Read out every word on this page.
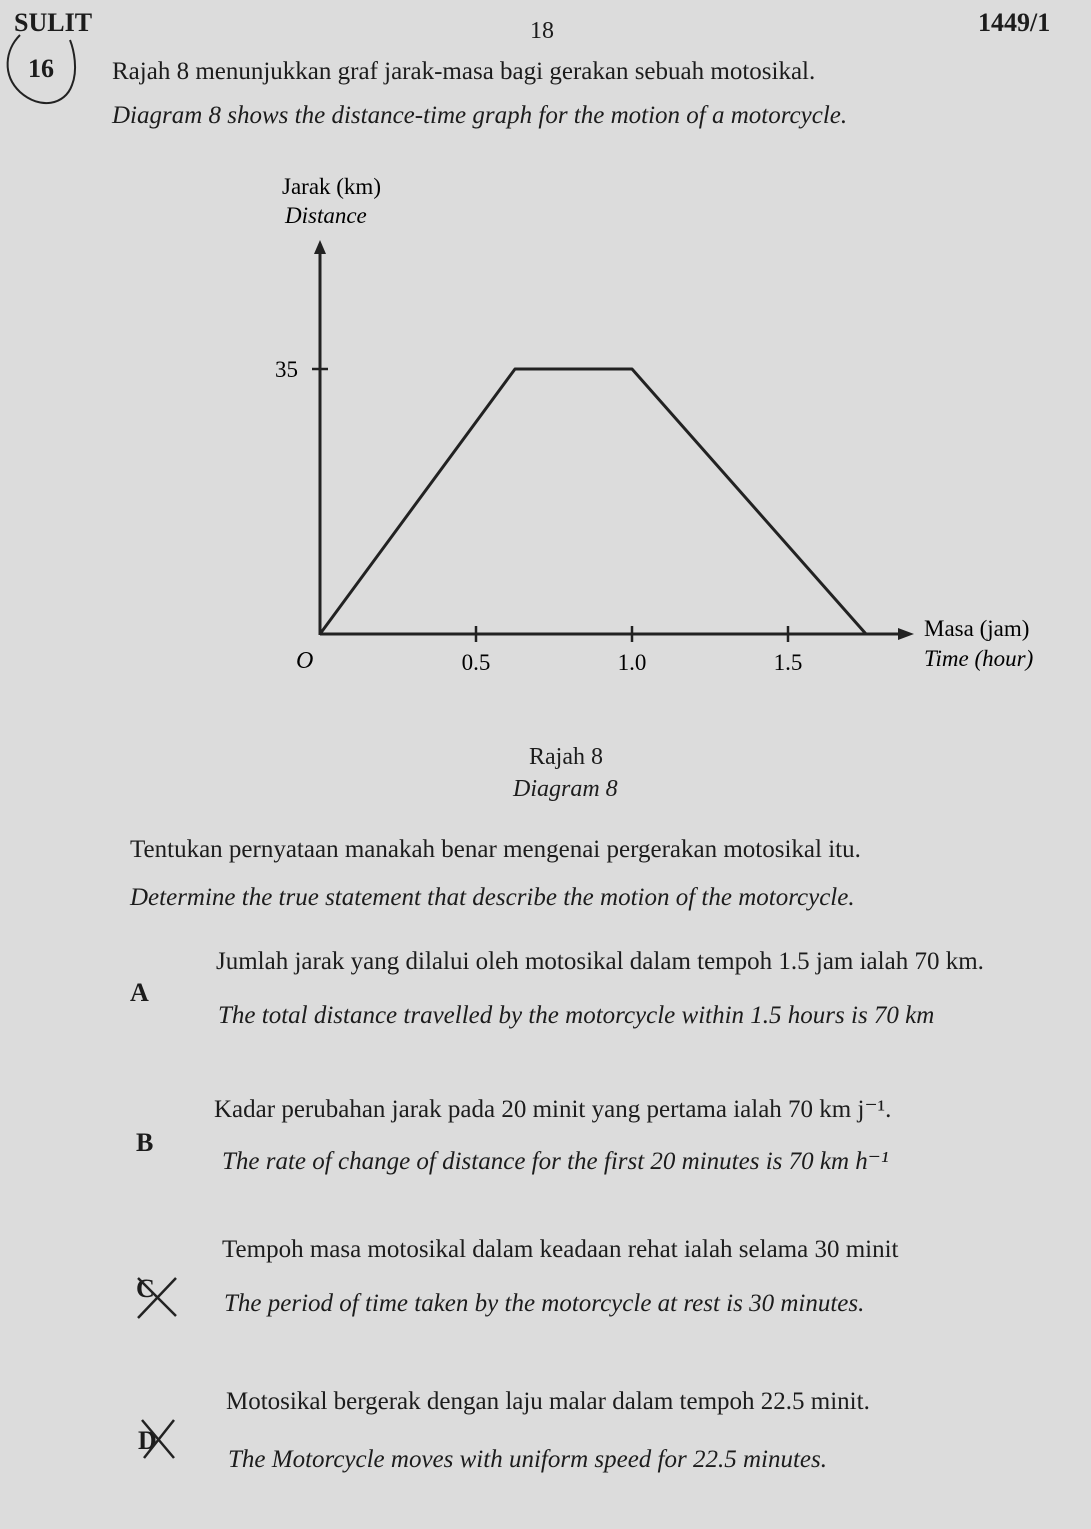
SULIT	18	1449/1
16 Rajah 8 menunjukkan graf jarak-masa bagi gerakan sebuah motosikal.
Diagram 8 shows the distance-time graph for the motion of a motorcycle.
Jarak (km)
Distance
O
Masa (jam)
Time (hour)
0.5	1.0	1.5
35
Rajah 8
Diagram 8
Tentukan pernyataan manakah benar mengenai pergerakan motosikal itu.
Determine the true statement that describe the motion of the motorcycle.
A
Jumlah jarak yang dilalui oleh motosikal dalam tempoh 1.5 jam ialah 70 km.
The total distance travelled by the motorcycle within 1.5 hours is 70 km
B
Kadar perubahan jarak pada 20 minit yang pertama ialah 70 km j⁻¹.
The rate of change of distance for the first 20 minutes is 70 km h⁻¹
C
Tempoh masa motosikal dalam keadaan rehat ialah selama 30 minit
The period of time taken by the motorcycle at rest is 30 minutes.
D
Motosikal bergerak dengan laju malar dalam tempoh 22.5 minit.
The Motorcycle moves with uniform speed for 22.5 minutes.
